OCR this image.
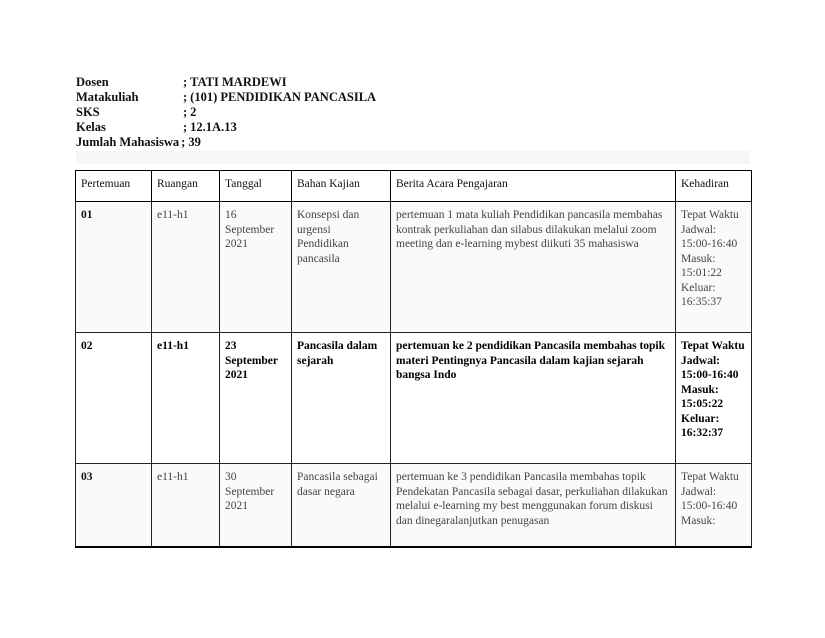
Dosen	; TATI MARDEWI
Matakuliah	; (101) PENDIDIKAN PANCASILA
SKS	; 2
Kelas	; 12.1A.13
Jumlah Mahasiswa ; 39
Pertemuan	Ruangan	Tanggal	Bahan Kajian	Berita Acara Pengajaran	Kehadiran
01	e11-h1	16 September 2021	Konsepsi dan urgensi Pendidikan pancasila	pertemuan 1 mata kuliah Pendidikan pancasila membahas kontrak perkuliahan dan silabus dilakukan melalui zoom meeting dan e-learning mybest diikuti 35 mahasiswa	Tepat Waktu
Jadwal: 15:00-16:40
Masuk: 15:01:22
Keluar: 16:35:37

02	e11-h1	23 September 2021	Pancasila dalam sejarah	pertemuan ke 2 pendidikan Pancasila membahas topik materi Pentingnya Pancasila dalam kajian sejarah bangsa Indo	Tepat Waktu
Jadwal: 15:00-16:40
Masuk: 15:05:22
Keluar: 16:32:37

03	e11-h1	30 September 2021	Pancasila sebagai dasar negara	pertemuan ke 3 pendidikan Pancasila membahas topik Pendekatan Pancasila sebagai dasar, perkuliahan dilakukan melalui e-learning my best menggunakan forum diskusi dan dinegaralanjutkan penugasan	Tepat Waktu
Jadwal: 15:00-16:40
Masuk:
